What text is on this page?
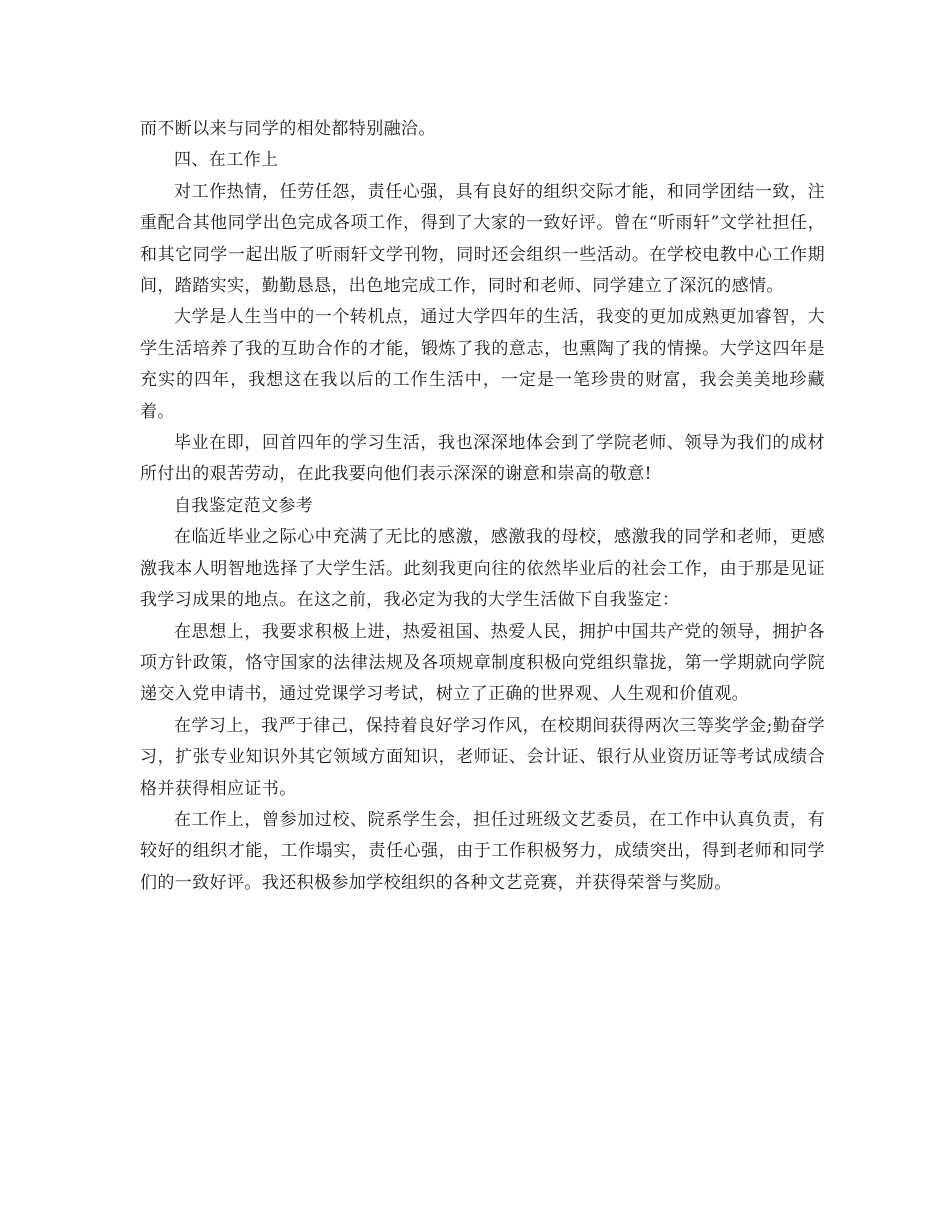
而不断以来与同学的相处都特别融洽。

四、在工作上

对工作热情，任劳任怨，责任心强，具有良好的组织交际才能，和同学团结一致，注重配合其他同学出色完成各项工作，得到了大家的一致好评。曾在“听雨轩”文学社担任，和其它同学一起出版了听雨轩文学刊物，同时还会组织一些活动。在学校电教中心工作期间，踏踏实实，勤勤恳恳，出色地完成工作，同时和老师、同学建立了深沉的感情。

大学是人生当中的一个转机点，通过大学四年的生活，我变的更加成熟更加睿智，大学生活培养了我的互助合作的才能，锻炼了我的意志，也熏陶了我的情操。大学这四年是充实的四年，我想这在我以后的工作生活中，一定是一笔珍贵的财富，我会美美地珍藏着。

毕业在即，回首四年的学习生活，我也深深地体会到了学院老师、领导为我们的成材所付出的艰苦劳动，在此我要向他们表示深深的谢意和崇高的敬意!

自我鉴定范文参考

在临近毕业之际心中充满了无比的感激，感激我的母校，感激我的同学和老师，更感激我本人明智地选择了大学生活。此刻我更向往的依然毕业后的社会工作，由于那是见证我学习成果的地点。在这之前，我必定为我的大学生活做下自我鉴定：

在思想上，我要求积极上进，热爱祖国、热爱人民，拥护中国共产党的领导，拥护各项方针政策，恪守国家的法律法规及各项规章制度积极向党组织靠拢，第一学期就向学院递交入党申请书，通过党课学习考试，树立了正确的世界观、人生观和价值观。

在学习上，我严于律己，保持着良好学习作风，在校期间获得两次三等奖学金;勤奋学习，扩张专业知识外其它领域方面知识，老师证、会计证、银行从业资历证等考试成绩合格并获得相应证书。

在工作上，曾参加过校、院系学生会，担任过班级文艺委员，在工作中认真负责，有较好的组织才能，工作塌实，责任心强，由于工作积极努力，成绩突出，得到老师和同学们的一致好评。我还积极参加学校组织的各种文艺竞赛，并获得荣誉与奖励。
